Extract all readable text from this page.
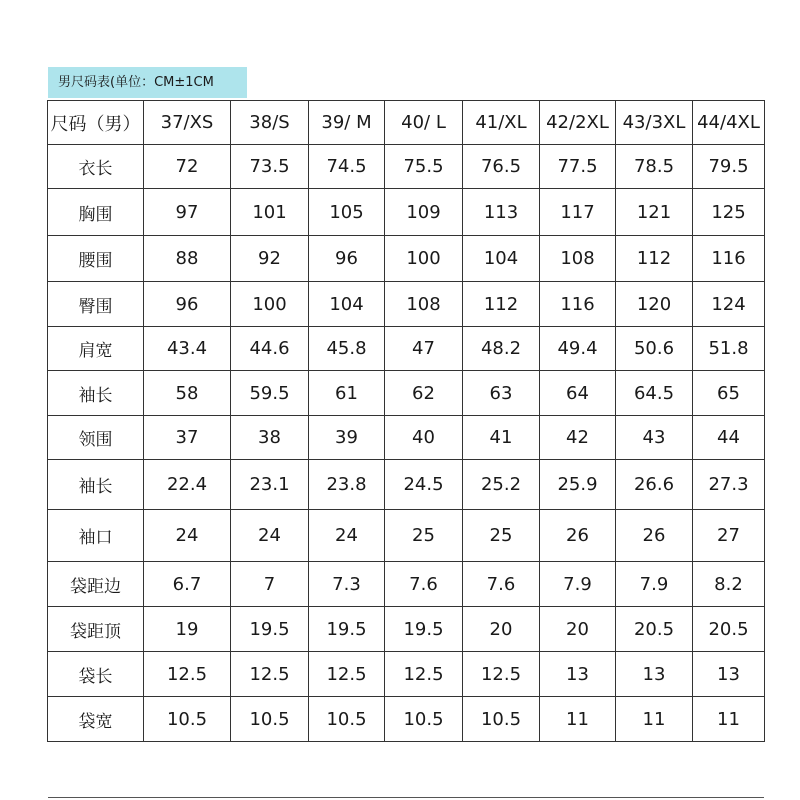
男尺码表(单位：CM±1CM
尺码（男）	37/XS	38/S	39/ M	40/ L	41/XL	42/2XL	43/3XL	44/4XL
衣长	72	73.5	74.5	75.5	76.5	77.5	78.5	79.5
胸围	97	101	105	109	113	117	121	125
腰围	88	92	96	100	104	108	112	116
臀围	96	100	104	108	112	116	120	124
肩宽	43.4	44.6	45.8	47	48.2	49.4	50.6	51.8
袖长	58	59.5	61	62	63	64	64.5	65
领围	37	38	39	40	41	42	43	44
袖长	22.4	23.1	23.8	24.5	25.2	25.9	26.6	27.3
袖口	24	24	24	25	25	26	26	27
袋距边	6.7	7	7.3	7.6	7.6	7.9	7.9	8.2
袋距顶	19	19.5	19.5	19.5	20	20	20.5	20.5
袋长	12.5	12.5	12.5	12.5	12.5	13	13	13
袋宽	10.5	10.5	10.5	10.5	10.5	11	11	11
